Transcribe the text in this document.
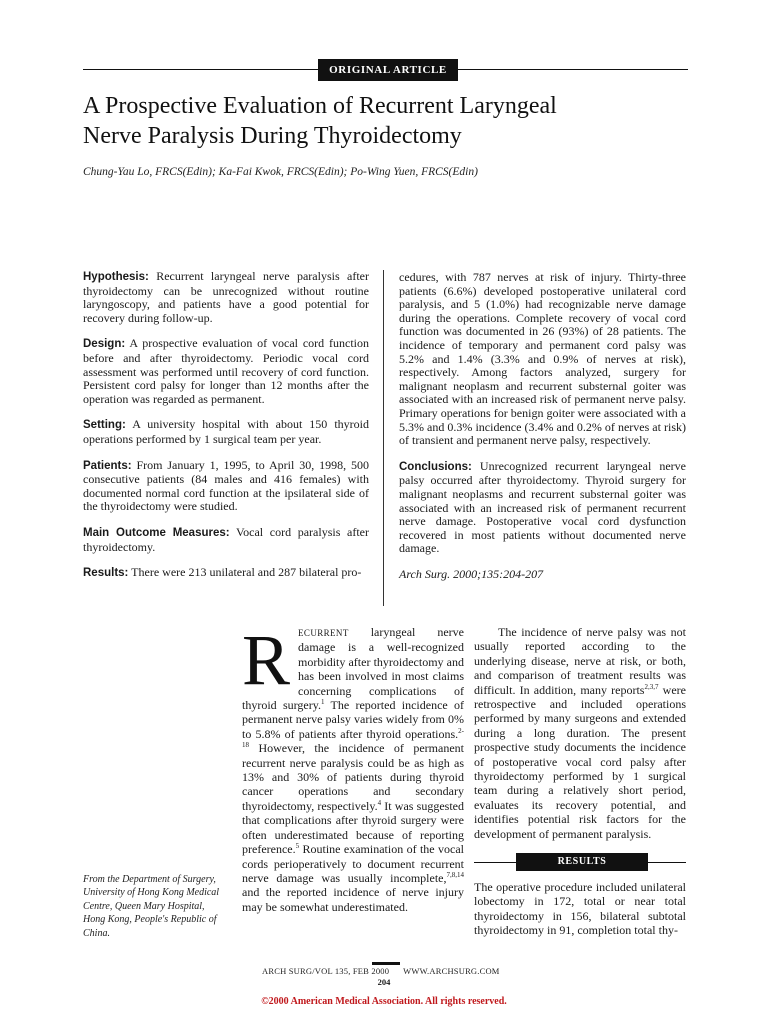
ORIGINAL ARTICLE
A Prospective Evaluation of Recurrent Laryngeal
Nerve Paralysis During Thyroidectomy
Chung-Yau Lo, FRCS(Edin); Ka-Fai Kwok, FRCS(Edin); Po-Wing Yuen, FRCS(Edin)

Hypothesis: Recurrent laryngeal nerve paralysis after thyroidectomy can be unrecognized without routine laryngoscopy, and patients have a good potential for recovery during follow-up.

Design: A prospective evaluation of vocal cord function before and after thyroidectomy. Periodic vocal cord assessment was performed until recovery of cord function. Persistent cord palsy for longer than 12 months after the operation was regarded as permanent.

Setting: A university hospital with about 150 thyroid operations performed by 1 surgical team per year.

Patients: From January 1, 1995, to April 30, 1998, 500 consecutive patients (84 males and 416 females) with documented normal cord function at the ipsilateral side of the thyroidectomy were studied.

Main Outcome Measures: Vocal cord paralysis after thyroidectomy.

Results: There were 213 unilateral and 287 bilateral pro-

cedures, with 787 nerves at risk of injury. Thirty-three patients (6.6%) developed postoperative unilateral cord paralysis, and 5 (1.0%) had recognizable nerve damage during the operations. Complete recovery of vocal cord function was documented in 26 (93%) of 28 patients. The incidence of temporary and permanent cord palsy was 5.2% and 1.4% (3.3% and 0.9% of nerves at risk), respectively. Among factors analyzed, surgery for malignant neoplasm and recurrent substernal goiter was associated with an increased risk of permanent nerve palsy. Primary operations for benign goiter were associated with a 5.3% and 0.3% incidence (3.4% and 0.2% of nerves at risk) of transient and permanent nerve palsy, respectively.

Conclusions: Unrecognized recurrent laryngeal nerve palsy occurred after thyroidectomy. Thyroid surgery for malignant neoplasms and recurrent substernal goiter was associated with an increased risk of permanent recurrent nerve damage. Postoperative vocal cord dysfunction recovered in most patients without documented nerve damage.

Arch Surg. 2000;135:204-207

RECURRENT laryngeal nerve damage is a well-recognized morbidity after thyroidectomy and has been involved in most claims concerning complications of thyroid surgery.$^1$ The reported incidence of permanent nerve palsy varies widely from 0% to 5.8% of patients after thyroid operations.$^{2-18}$ However, the incidence of permanent recurrent nerve paralysis could be as high as 13% and 30% of patients during thyroid cancer operations and secondary thyroidectomy, respectively.$^4$ It was suggested that complications after thyroid surgery were often underestimated because of reporting preference.$^5$ Routine examination of the vocal cords perioperatively to document recurrent nerve damage was usually incomplete,$^{7,8,14}$ and the reported incidence of nerve injury may be somewhat underestimated.

The incidence of nerve palsy was not usually reported according to the underlying disease, nerve at risk, or both, and comparison of treatment results was difficult. In addition, many reports$^{2,3,7}$ were retrospective and included operations performed by many surgeons and extended during a long duration. The present prospective study documents the incidence of postoperative vocal cord palsy after thyroidectomy performed by 1 surgical team during a relatively short period, evaluates its recovery potential, and identifies potential risk factors for the development of permanent paralysis.

RESULTS

The operative procedure included unilateral lobectomy in 172, total or near total thyroidectomy in 156, bilateral subtotal thyroidectomy in 91, completion total thy-

From the Department of Surgery, University of Hong Kong Medical Centre, Queen Mary Hospital, Hong Kong, People's Republic of China.
ARCH SURG/VOL 135, FEB 2000 WWW.ARCHSURG.COM
204
©2000 American Medical Association. All rights reserved.
